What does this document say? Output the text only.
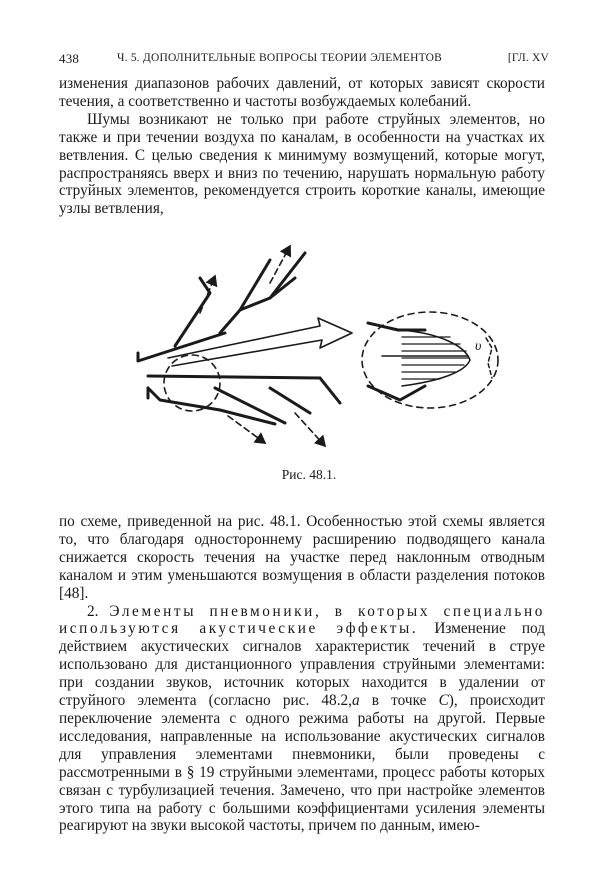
438	Ч. 5. ДОПОЛНИТЕЛЬНЫЕ ВОПРОСЫ ТЕОРИИ ЭЛЕМЕНТОВ	[ГЛ. XV

изменения диапазонов рабочих давлений, от которых зависят скорости течения, а соответственно и частоты возбуждаемых колебаний.

Шумы возникают не только при работе струйных элементов, но также и при течении воздуха по каналам, в особенности на участках их ветвления. С целью сведения к минимуму возмущений, которые могут, распространяясь вверх и вниз по течению, нарушать нормальную работу струйных элементов, рекомендуется строить короткие каналы, имеющие узлы ветвления,

υ
Рис. 48.1.

по схеме, приведенной на рис. 48.1. Особенностью этой схемы является то, что благодаря одностороннему расширению подводящего канала снижается скорость течения на участке перед наклонным отводным каналом и этим уменьшаются возмущения в области разделения потоков [48].

2. Элементы пневмоники, в которых специально используются акустические эффекты. Изменение под действием акустических сигналов характеристик течений в струе использовано для дистанционного управления струйными элементами: при создании звуков, источник которых находится в удалении от струйного элемента (согласно рис. 48.2,a в точке C), происходит переключение элемента с одного режима работы на другой. Первые исследования, направленные на использование акустических сигналов для управления элементами пневмоники, были проведены с рассмотренными в § 19 струйными элементами, процесс работы которых связан с турбулизацией течения. Замечено, что при настройке элементов этого типа на работу с большими коэффициентами усиления элементы реагируют на звуки высокой частоты, причем по данным, имею-
